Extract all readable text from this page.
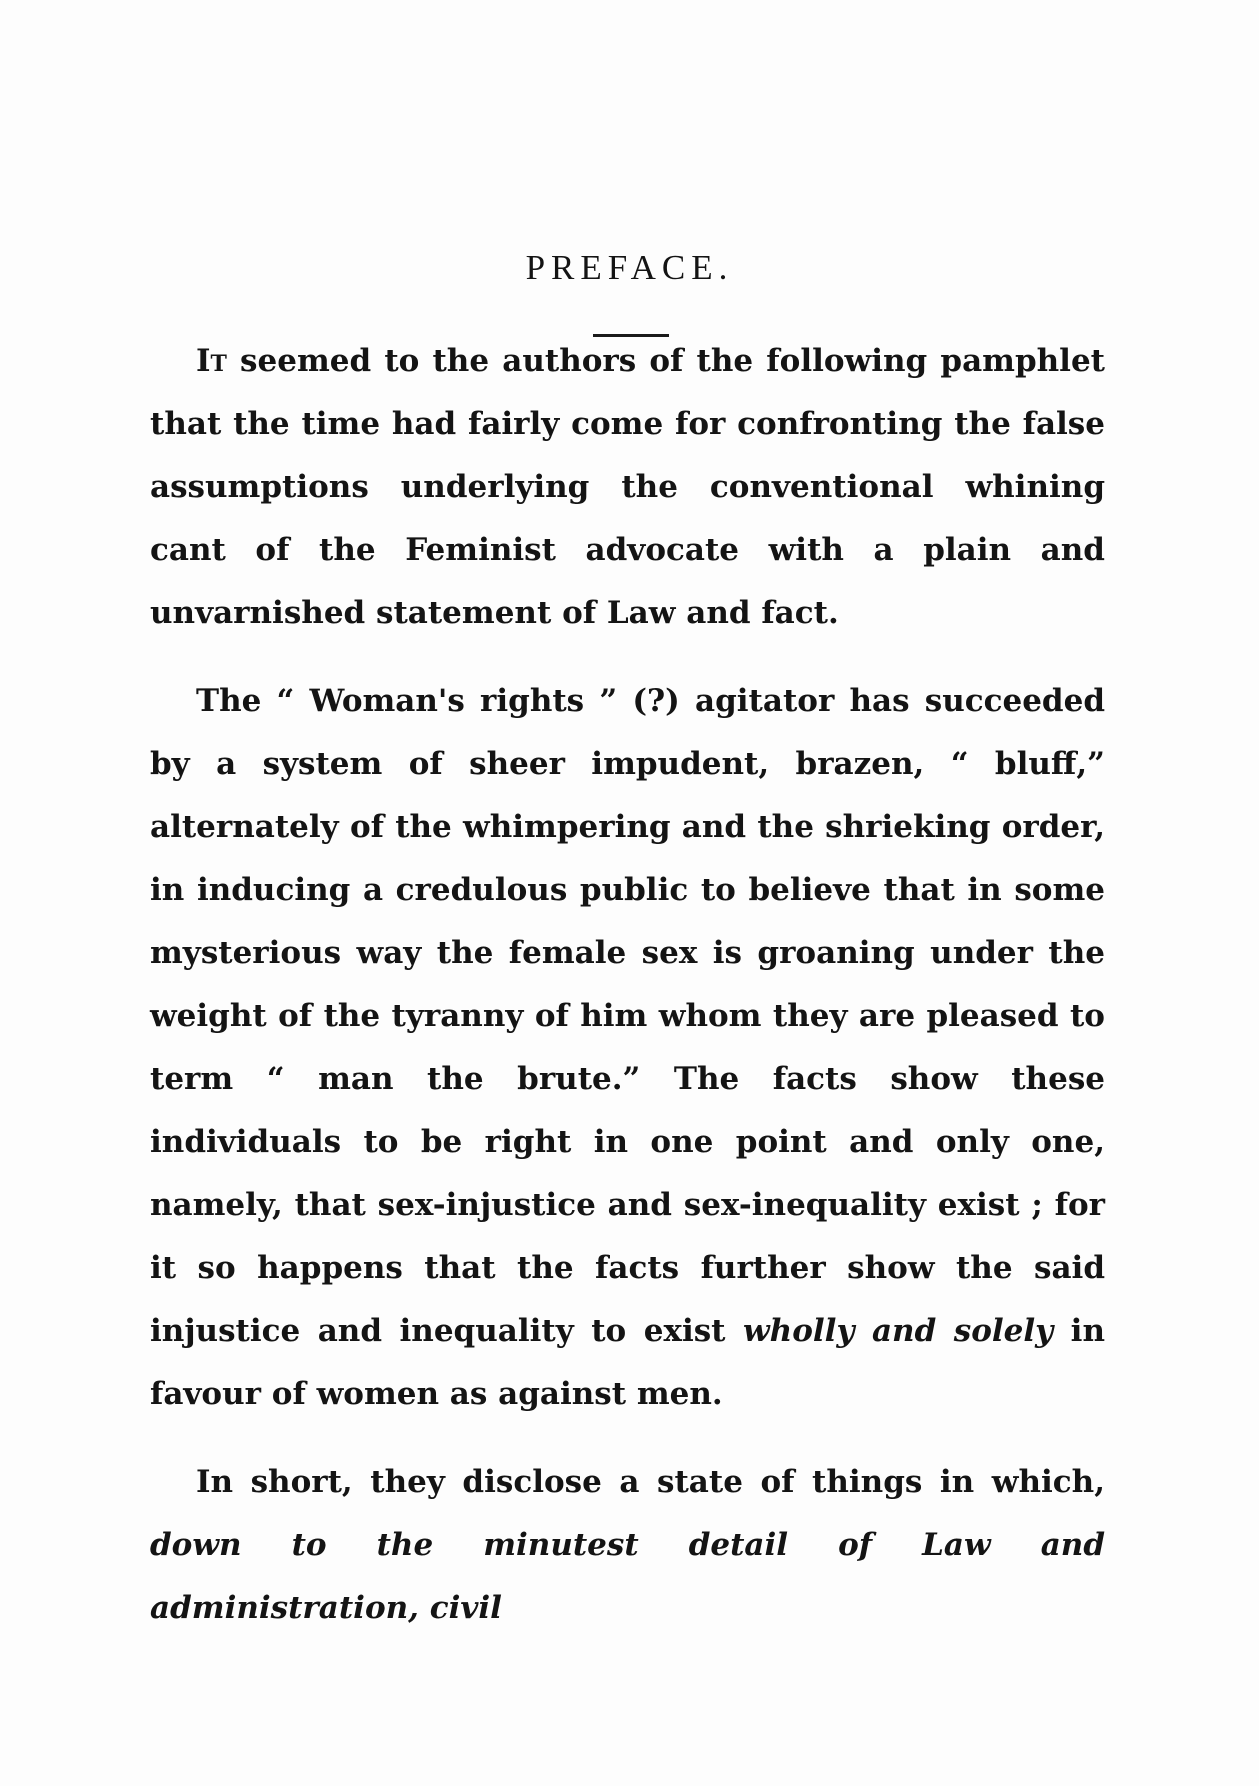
PREFACE.

It seemed to the authors of the following pamphlet that the time had fairly come for confronting the false assumptions underlying the conventional whining cant of the Feminist advocate with a plain and unvarnished statement of Law and fact.

The “ Woman's rights ” (?) agitator has succeeded by a system of sheer impudent, brazen, “ bluff,” alternately of the whimpering and the shrieking order, in inducing a credulous public to believe that in some mysterious way the female sex is groaning under the weight of the tyranny of him whom they are pleased to term “ man the brute.” The facts show these individuals to be right in one point and only one, namely, that sex-injustice and sex-inequality exist ; for it so happens that the facts further show the said injustice and inequality to exist wholly and solely in favour of women as against men.

In short, they disclose a state of things in which, down to the minutest detail of Law and administration, civil
